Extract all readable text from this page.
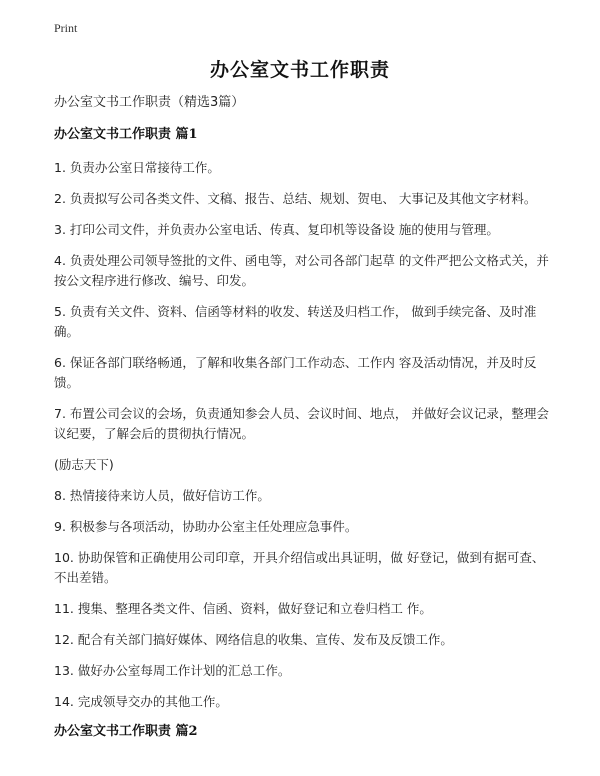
Print
办公室文书工作职责
办公室文书工作职责（精选3篇）
办公室文书工作职责 篇1
1. 负责办公室日常接待工作。
2. 负责拟写公司各类文件、文稿、报告、总结、规划、贺电、 大事记及其他文字材料。
3. 打印公司文件，并负责办公室电话、传真、复印机等设备设 施的使用与管理。
4. 负责处理公司领导签批的文件、函电等，对公司各部门起草 的文件严把公文格式关，并按公文程序进行修改、编号、印发。
5. 负责有关文件、资料、信函等材料的收发、转送及归档工作， 做到手续完备、及时准确。
6. 保证各部门联络畅通，了解和收集各部门工作动态、工作内 容及活动情况，并及时反馈。
7. 布置公司会议的会场，负责通知参会人员、会议时间、地点， 并做好会议记录，整理会议纪要，了解会后的贯彻执行情况。
(励志天下)
8. 热情接待来访人员，做好信访工作。
9. 积极参与各项活动，协助办公室主任处理应急事件。
10. 协助保管和正确使用公司印章，开具介绍信或出具证明，做 好登记，做到有据可查、不出差错。
11. 搜集、整理各类文件、信函、资料，做好登记和立卷归档工 作。
12. 配合有关部门搞好媒体、网络信息的收集、宣传、发布及反馈工作。
13. 做好办公室每周工作计划的汇总工作。
14. 完成领导交办的其他工作。
办公室文书工作职责 篇2
